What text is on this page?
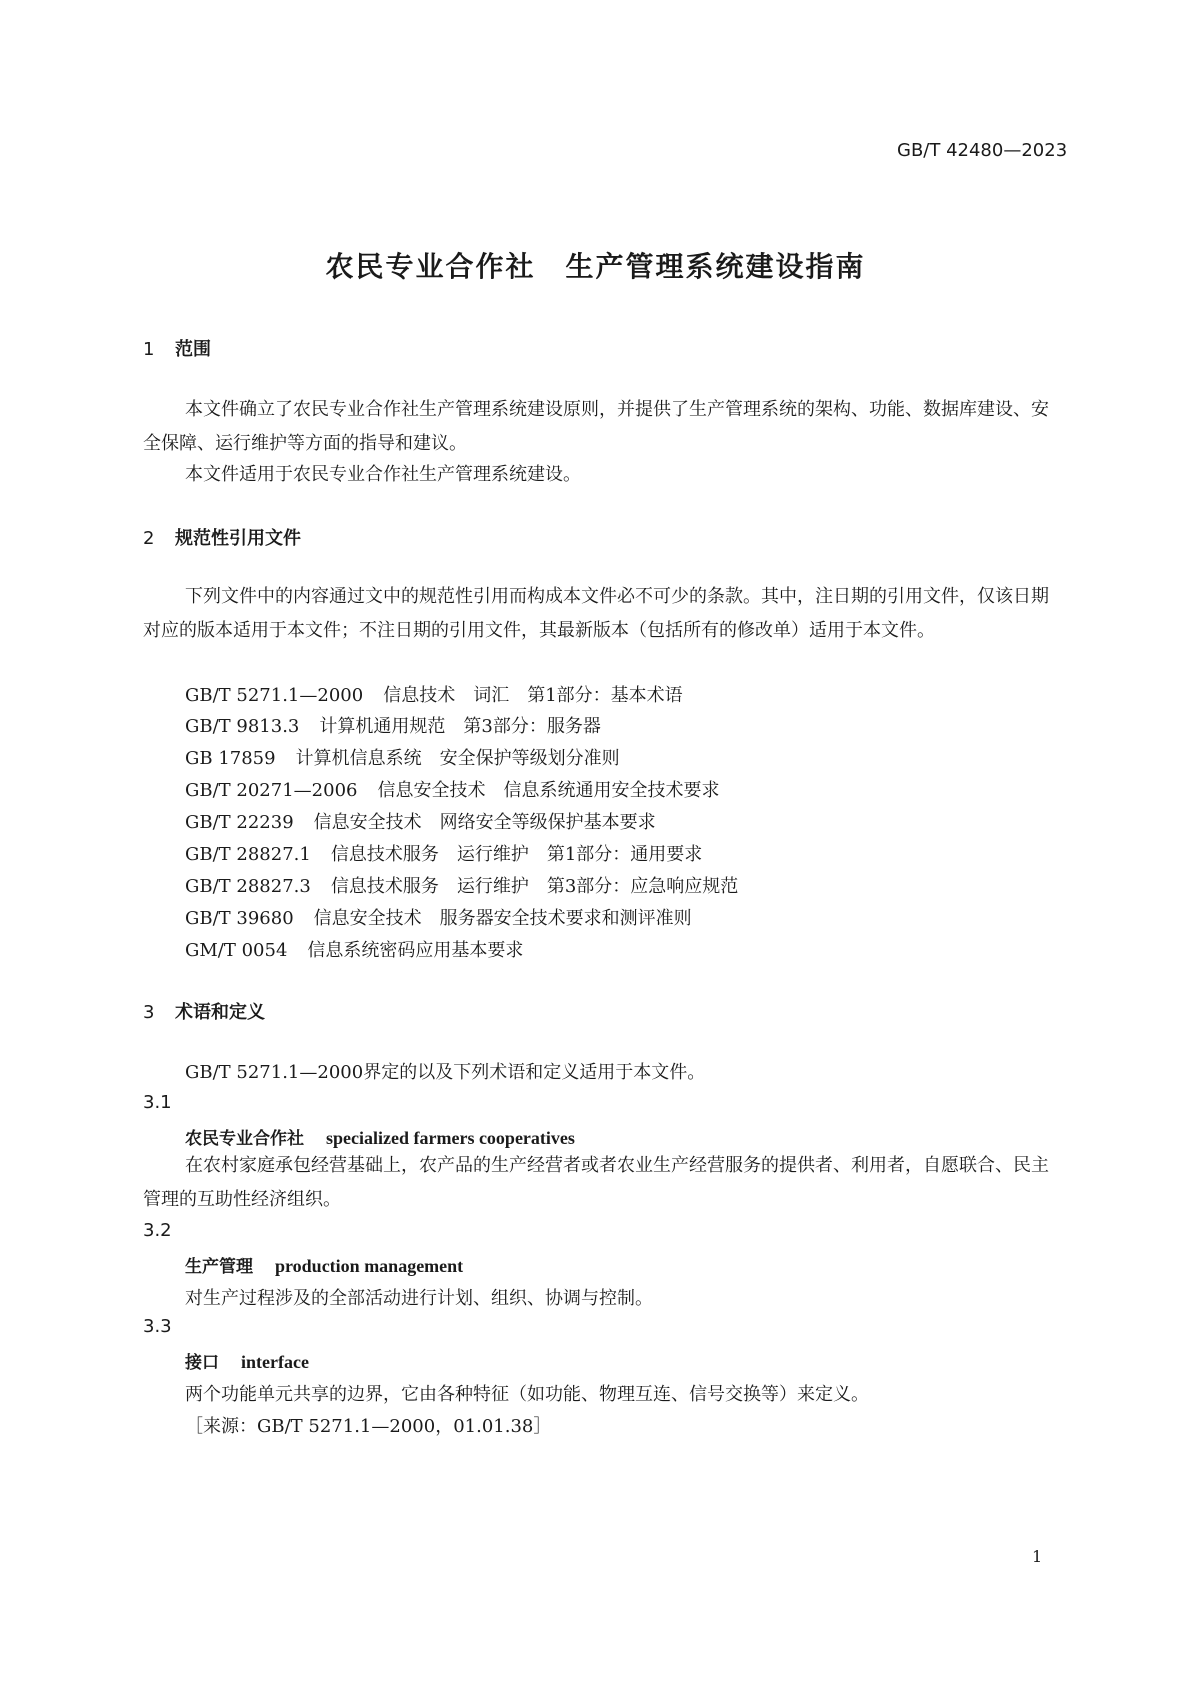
GB/T 42480—2023
农民专业合作社　生产管理系统建设指南
1 范围
本文件确立了农民专业合作社生产管理系统建设原则，并提供了生产管理系统的架构、功能、数据库建设、安全保障、运行维护等方面的指导和建议。
本文件适用于农民专业合作社生产管理系统建设。
2 规范性引用文件
下列文件中的内容通过文中的规范性引用而构成本文件必不可少的条款。其中，注日期的引用文件，仅该日期对应的版本适用于本文件；不注日期的引用文件，其最新版本（包括所有的修改单）适用于本文件。
GB/T 5271.1—2000 信息技术　词汇　第1部分：基本术语
GB/T 9813.3 计算机通用规范　第3部分：服务器
GB 17859 计算机信息系统　安全保护等级划分准则
GB/T 20271—2006 信息安全技术　信息系统通用安全技术要求
GB/T 22239 信息安全技术　网络安全等级保护基本要求
GB/T 28827.1 信息技术服务　运行维护　第1部分：通用要求
GB/T 28827.3 信息技术服务　运行维护　第3部分：应急响应规范
GB/T 39680 信息安全技术　服务器安全技术要求和测评准则
GM/T 0054 信息系统密码应用基本要求
3 术语和定义
GB/T 5271.1—2000界定的以及下列术语和定义适用于本文件。
3.1
农民专业合作社 specialized farmers cooperatives
在农村家庭承包经营基础上，农产品的生产经营者或者农业生产经营服务的提供者、利用者，自愿联合、民主管理的互助性经济组织。
3.2
生产管理 production management
对生产过程涉及的全部活动进行计划、组织、协调与控制。
3.3
接口 interface
两个功能单元共享的边界，它由各种特征（如功能、物理互连、信号交换等）来定义。
［来源：GB/T 5271.1—2000，01.01.38］
1
